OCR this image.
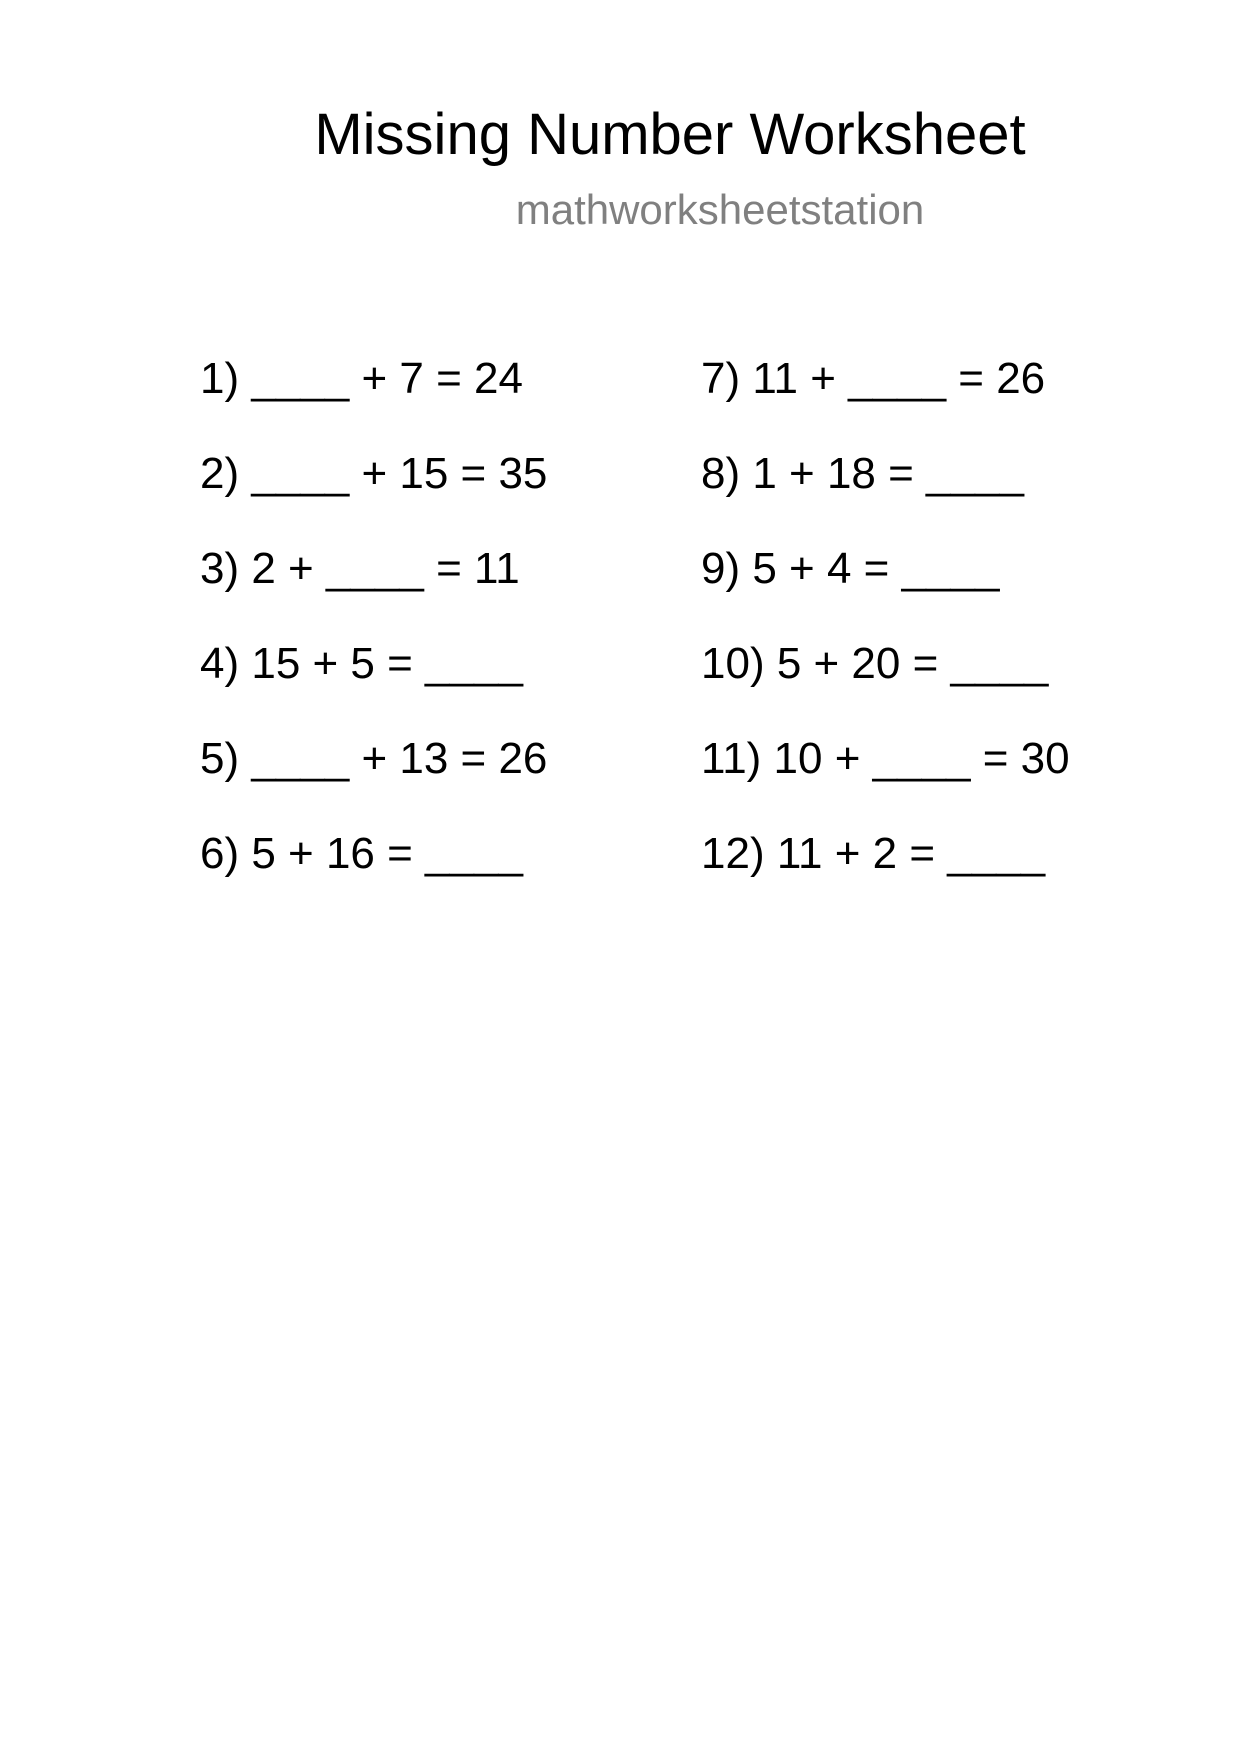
Missing Number Worksheet
mathworksheetstation
1) ____ + 7 = 24
2) ____ + 15 = 35
3) 2 + ____ = 11
4) 15 + 5 = ____
5) ____ + 13 = 26
6) 5 + 16 = ____
7) 11 + ____ = 26
8) 1 + 18 = ____
9) 5 + 4 = ____
10) 5 + 20 = ____
11) 10 + ____ = 30
12) 11 + 2 = ____
